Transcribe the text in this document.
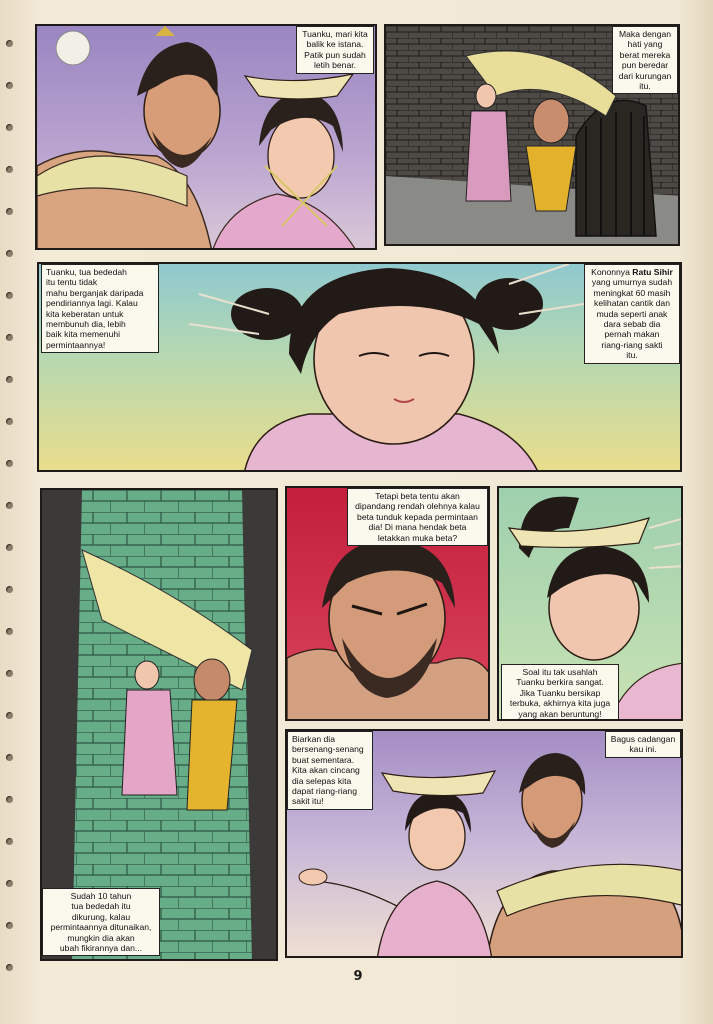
Tuanku, mari kita
balik ke istana.
Patik pun sudah
letih benar.
Maka dengan
hati yang
berat mereka
pun beredar
dari kurungan
itu.
Tuanku, tua bededah
itu tentu tidak
mahu berganjak daripada
pendiriannya lagi. Kalau
kita keberatan untuk
membunuh dia, lebih
baik kita memenuhi
permintaannya!
Kononnya Ratu Sihir
yang umurnya sudah
meningkat 60 masih
kelihatan cantik dan
muda seperti anak
dara sebab dia
pernah makan
riang-riang sakti
itu.
Sudah 10 tahun
tua bededah itu
dikurung, kalau
permintaannya ditunaikan,
mungkin dia akan
ubah fikirannya dan...
Tetapi beta tentu akan
dipandang rendah olehnya kalau
beta tunduk kepada permintaan
dia! Di mana hendak beta
letakkan muka beta?
Soal itu tak usahlah
Tuanku berkira sangat.
Jika Tuanku bersikap
terbuka, akhirnya kita juga
yang akan beruntung!
Biarkan dia
bersenang-senang
buat sementara.
Kita akan cincang
dia selepas kita
dapat riang-riang
sakit itu!
Bagus cadangan
kau ini.
9
